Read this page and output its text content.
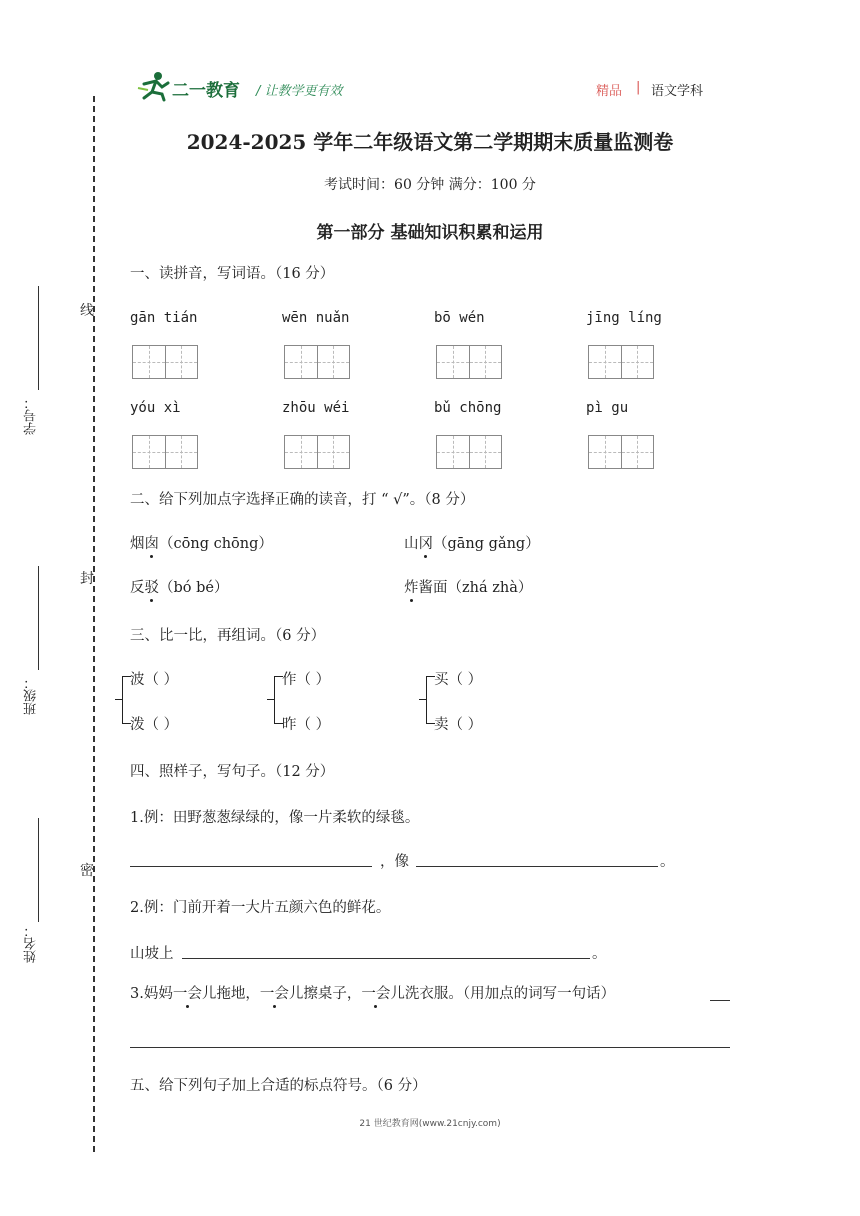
二一教育 / 让教学更有效	精品 | 语文学科
2024-2025 学年二年级语文第二学期期末质量监测卷
考试时间：60 分钟 满分：100 分
第一部分 基础知识积累和运用
线
封
密
学号：
班级：
姓名：
一、读拼音，写词语。（16 分）
gān tián	wēn nuǎn	bō wén	jīng líng
yóu xì	zhōu wéi	bǔ chōng	pì gu
二、给下列加点字选择正确的读音，打 “ √”。（8 分）
烟囱（cōng chōng）	山冈（gāng gǎng）
反驳（bó bé）	炸酱面（zhá zhà）
三、比一比，再组词。（6 分）
波（ ）
泼（ ）
作（ ）
昨（ ）
买（ ）
卖（ ）
四、照样子，写句子。（12 分）
1.例：田野葱葱绿绿的，像一片柔软的绿毯。
，像	。
2.例：门前开着一大片五颜六色的鲜花。
山坡上	。
3.妈妈一会儿拖地，一会儿擦桌子，一会儿洗衣服。（用加点的词写一句话）
五、给下列句子加上合适的标点符号。（6 分）
21 世纪教育网(www.21cnjy.com)
